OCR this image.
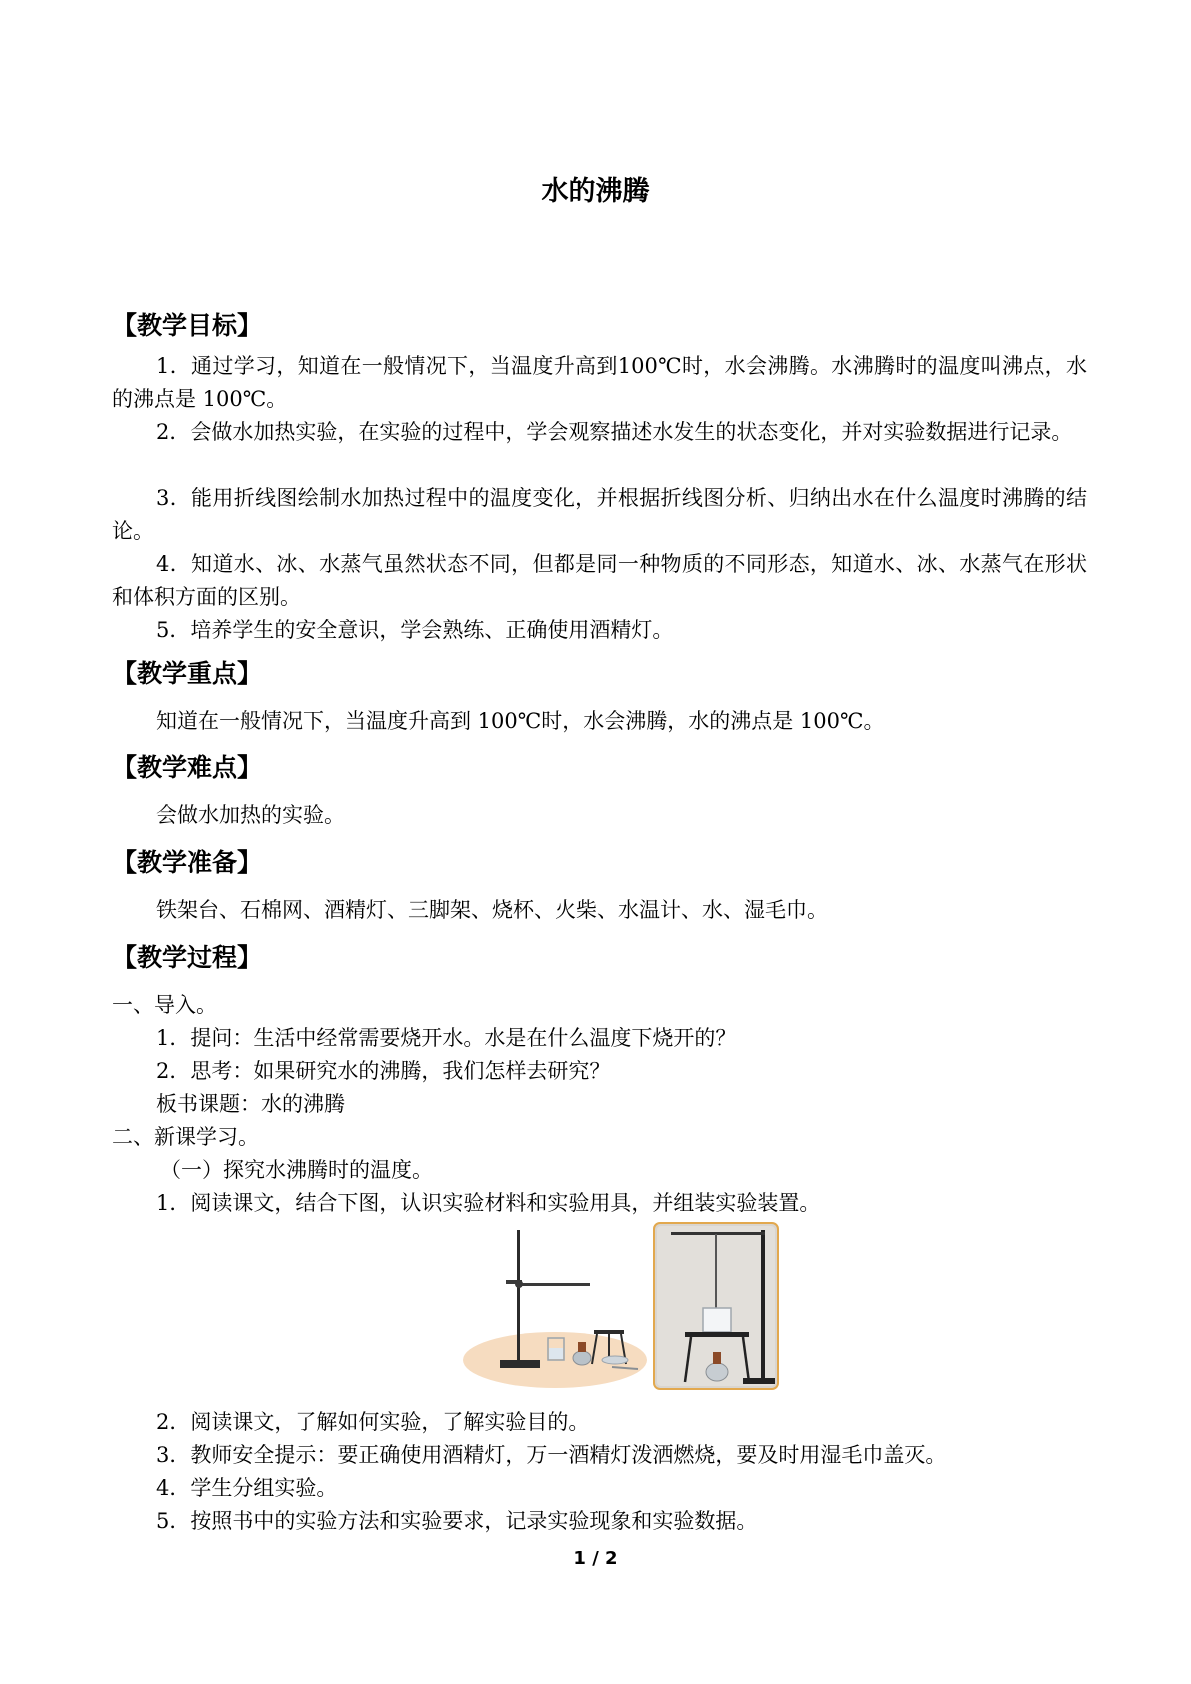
水的沸腾
【教学目标】
1．通过学习，知道在一般情况下，当温度升高到100℃时，水会沸腾。水沸腾时的温度叫沸点，水的沸点是 100℃。
2．会做水加热实验，在实验的过程中，学会观察描述水发生的状态变化，并对实验数据进行记录。
3．能用折线图绘制水加热过程中的温度变化，并根据折线图分析、归纳出水在什么温度时沸腾的结论。
4．知道水、冰、水蒸气虽然状态不同，但都是同一种物质的不同形态，知道水、冰、水蒸气在形状和体积方面的区别。
5．培养学生的安全意识，学会熟练、正确使用酒精灯。
【教学重点】
知道在一般情况下，当温度升高到 100℃时，水会沸腾，水的沸点是 100℃。
【教学难点】
会做水加热的实验。
【教学准备】
铁架台、石棉网、酒精灯、三脚架、烧杯、火柴、水温计、水、湿毛巾。
【教学过程】
一、导入。
1．提问：生活中经常需要烧开水。水是在什么温度下烧开的？
2．思考：如果研究水的沸腾，我们怎样去研究？
板书课题：水的沸腾
二、新课学习。
（一）探究水沸腾时的温度。
1．阅读课文，结合下图，认识实验材料和实验用具，并组装实验装置。
2．阅读课文，了解如何实验，了解实验目的。
3．教师安全提示：要正确使用酒精灯，万一酒精灯泼洒燃烧，要及时用湿毛巾盖灭。
4．学生分组实验。
5．按照书中的实验方法和实验要求，记录实验现象和实验数据。
1 / 2
